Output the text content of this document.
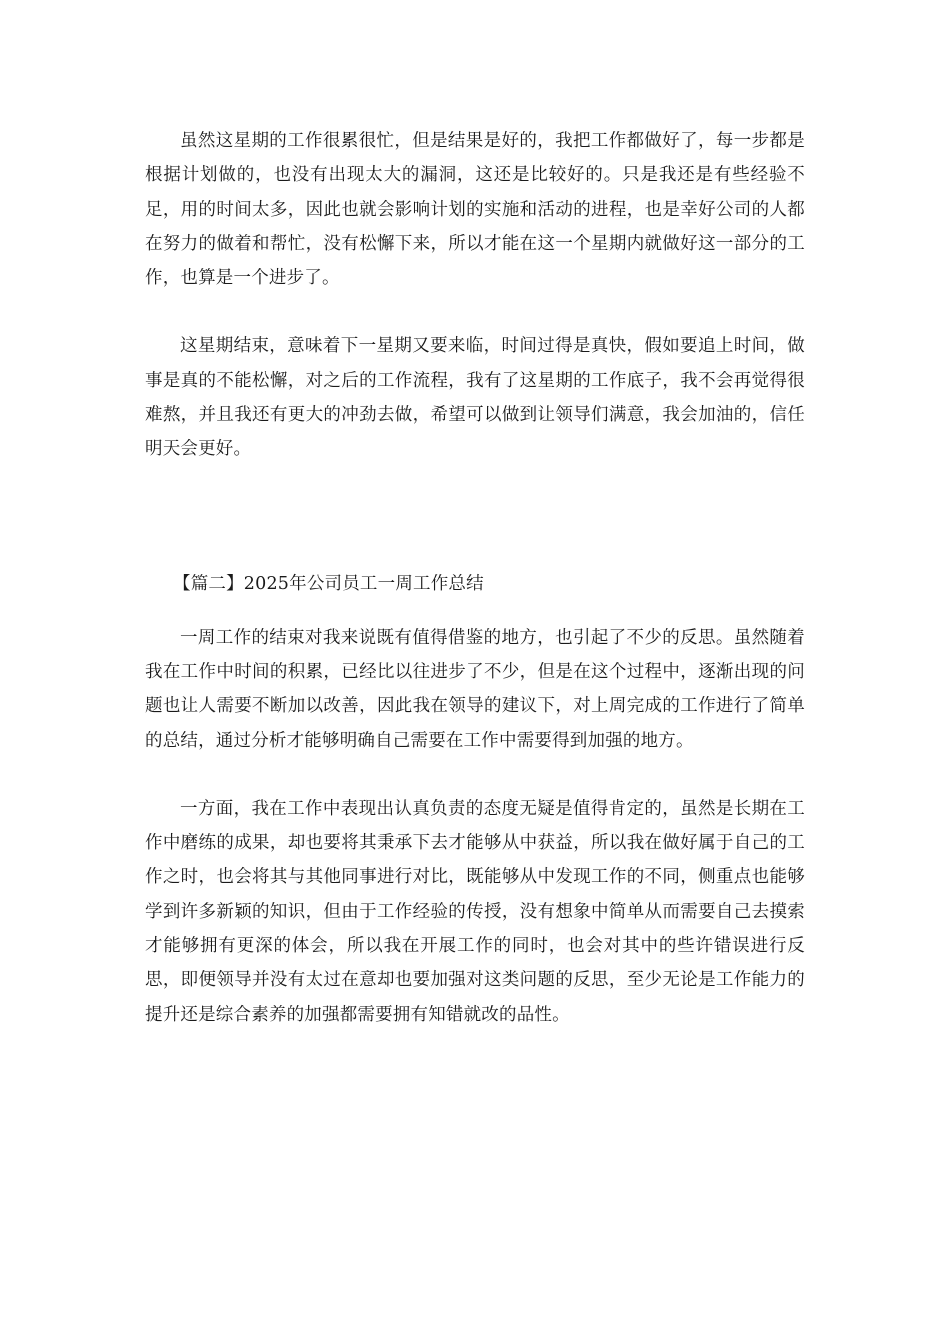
虽然这星期的工作很累很忙，但是结果是好的，我把工作都做好了，每一步都是根据计划做的，也没有出现太大的漏洞，这还是比较好的。只是我还是有些经验不足，用的时间太多，因此也就会影响计划的实施和活动的进程，也是幸好公司的人都在努力的做着和帮忙，没有松懈下来，所以才能在这一个星期内就做好这一部分的工作，也算是一个进步了。

这星期结束，意味着下一星期又要来临，时间过得是真快，假如要追上时间，做事是真的不能松懈，对之后的工作流程，我有了这星期的工作底子，我不会再觉得很难熬，并且我还有更大的冲劲去做，希望可以做到让领导们满意，我会加油的，信任明天会更好。

【篇二】2025年公司员工一周工作总结

一周工作的结束对我来说既有值得借鉴的地方，也引起了不少的反思。虽然随着我在工作中时间的积累，已经比以往进步了不少，但是在这个过程中，逐渐出现的问题也让人需要不断加以改善，因此我在领导的建议下，对上周完成的工作进行了简单的总结，通过分析才能够明确自己需要在工作中需要得到加强的地方。

一方面，我在工作中表现出认真负责的态度无疑是值得肯定的，虽然是长期在工作中磨练的成果，却也要将其秉承下去才能够从中获益，所以我在做好属于自己的工作之时，也会将其与其他同事进行对比，既能够从中发现工作的不同，侧重点也能够学到许多新颖的知识，但由于工作经验的传授，没有想象中简单从而需要自己去摸索才能够拥有更深的体会，所以我在开展工作的同时，也会对其中的些许错误进行反思，即便领导并没有太过在意却也要加强对这类问题的反思，至少无论是工作能力的提升还是综合素养的加强都需要拥有知错就改的品性。
